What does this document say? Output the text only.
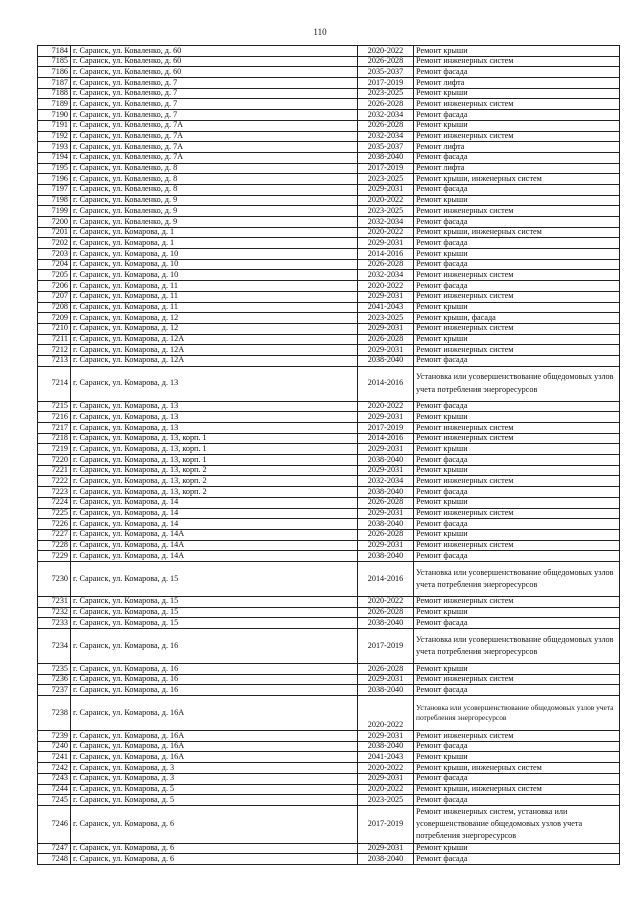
110
7184	г. Саранск, ул. Коваленко, д. 60	2020-2022	Ремонт крыши
7185	г. Саранск, ул. Коваленко, д. 60	2026-2028	Ремонт инженерных систем
7186	г. Саранск, ул. Коваленко, д. 60	2035-2037	Ремонт фасада
7187	г. Саранск, ул. Коваленко, д. 7	2017-2019	Ремонт лифта
7188	г. Саранск, ул. Коваленко, д. 7	2023-2025	Ремонт крыши
7189	г. Саранск, ул. Коваленко, д. 7	2026-2028	Ремонт инженерных систем
7190	г. Саранск, ул. Коваленко, д. 7	2032-2034	Ремонт фасада
7191	г. Саранск, ул. Коваленко, д. 7А	2026-2028	Ремонт крыши
7192	г. Саранск, ул. Коваленко, д. 7А	2032-2034	Ремонт инженерных систем
7193	г. Саранск, ул. Коваленко, д. 7А	2035-2037	Ремонт лифта
7194	г. Саранск, ул. Коваленко, д. 7А	2038-2040	Ремонт фасада
7195	г. Саранск, ул. Коваленко, д. 8	2017-2019	Ремонт лифта
7196	г. Саранск, ул. Коваленко, д. 8	2023-2025	Ремонт крыши, инженерных систем
7197	г. Саранск, ул. Коваленко, д. 8	2029-2031	Ремонт фасада
7198	г. Саранск, ул. Коваленко, д. 9	2020-2022	Ремонт крыши
7199	г. Саранск, ул. Коваленко, д. 9	2023-2025	Ремонт инженерных систем
7200	г. Саранск, ул. Коваленко, д. 9	2032-2034	Ремонт фасада
7201	г. Саранск, ул. Комарова, д. 1	2020-2022	Ремонт крыши, инженерных систем
7202	г. Саранск, ул. Комарова, д. 1	2029-2031	Ремонт фасада
7203	г. Саранск, ул. Комарова, д. 10	2014-2016	Ремонт крыши
7204	г. Саранск, ул. Комарова, д. 10	2026-2028	Ремонт фасада
7205	г. Саранск, ул. Комарова, д. 10	2032-2034	Ремонт инженерных систем
7206	г. Саранск, ул. Комарова, д. 11	2020-2022	Ремонт фасада
7207	г. Саранск, ул. Комарова, д. 11	2029-2031	Ремонт инженерных систем
7208	г. Саранск, ул. Комарова, д. 11	2041-2043	Ремонт крыши
7209	г. Саранск, ул. Комарова, д. 12	2023-2025	Ремонт крыши, фасада
7210	г. Саранск, ул. Комарова, д. 12	2029-2031	Ремонт инженерных систем
7211	г. Саранск, ул. Комарова, д. 12А	2026-2028	Ремонт крыши
7212	г. Саранск, ул. Комарова, д. 12А	2029-2031	Ремонт инженерных систем
7213	г. Саранск, ул. Комарова, д. 12А	2038-2040	Ремонт фасада
7214	г. Саранск, ул. Комарова, д. 13	2014-2016	Установка или усовершенствование общедомовых узлов учета потребления энергоресурсов
7215	г. Саранск, ул. Комарова, д. 13	2020-2022	Ремонт фасада
7216	г. Саранск, ул. Комарова, д. 13	2029-2031	Ремонт крыши
7217	г. Саранск, ул. Комарова, д. 13	2017-2019	Ремонт инженерных систем
7218	г. Саранск, ул. Комарова, д. 13, корп. 1	2014-2016	Ремонт инженерных систем
7219	г. Саранск, ул. Комарова, д. 13, корп. 1	2029-2031	Ремонт крыши
7220	г. Саранск, ул. Комарова, д. 13, корп. 1	2038-2040	Ремонт фасада
7221	г. Саранск, ул. Комарова, д. 13, корп. 2	2029-2031	Ремонт крыши
7222	г. Саранск, ул. Комарова, д. 13, корп. 2	2032-2034	Ремонт инженерных систем
7223	г. Саранск, ул. Комарова, д. 13, корп. 2	2038-2040	Ремонт фасада
7224	г. Саранск, ул. Комарова, д. 14	2026-2028	Ремонт крыши
7225	г. Саранск, ул. Комарова, д. 14	2029-2031	Ремонт инженерных систем
7226	г. Саранск, ул. Комарова, д. 14	2038-2040	Ремонт фасада
7227	г. Саранск, ул. Комарова, д. 14А	2026-2028	Ремонт крыши
7228	г. Саранск, ул. Комарова, д. 14А	2029-2031	Ремонт инженерных систем
7229	г. Саранск, ул. Комарова, д. 14А	2038-2040	Ремонт фасада
7230	г. Саранск, ул. Комарова, д. 15	2014-2016	Установка или усовершенствование общедомовых узлов учета потребления энергоресурсов
7231	г. Саранск, ул. Комарова, д. 15	2020-2022	Ремонт инженерных систем
7232	г. Саранск, ул. Комарова, д. 15	2026-2028	Ремонт крыши
7233	г. Саранск, ул. Комарова, д. 15	2038-2040	Ремонт фасада
7234	г. Саранск, ул. Комарова, д. 16	2017-2019	Установка или усовершенствование общедомовых узлов учета потребления энергоресурсов
7235	г. Саранск, ул. Комарова, д. 16	2026-2028	Ремонт крыши
7236	г. Саранск, ул. Комарова, д. 16	2029-2031	Ремонт инженерных систем
7237	г. Саранск, ул. Комарова, д. 16	2038-2040	Ремонт фасада
7238	г. Саранск, ул. Комарова, д. 16А	2020-2022	Установка или усовершенствование общедомовых узлов учета потребления энергоресурсов
7239	г. Саранск, ул. Комарова, д. 16А	2029-2031	Ремонт инженерных систем
7240	г. Саранск, ул. Комарова, д. 16А	2038-2040	Ремонт фасада
7241	г. Саранск, ул. Комарова, д. 16А	2041-2043	Ремонт крыши
7242	г. Саранск, ул. Комарова, д. 3	2020-2022	Ремонт крыши, инженерных систем
7243	г. Саранск, ул. Комарова, д. 3	2029-2031	Ремонт фасада
7244	г. Саранск, ул. Комарова, д. 5	2020-2022	Ремонт крыши, инженерных систем
7245	г. Саранск, ул. Комарова, д. 5	2023-2025	Ремонт фасада
7246	г. Саранск, ул. Комарова, д. 6	2017-2019	Ремонт инженерных систем, установка или усовершенствование общедомовых узлов учета потребления энергоресурсов
7247	г. Саранск, ул. Комарова, д. 6	2029-2031	Ремонт крыши
7248	г. Саранск, ул. Комарова, д. 6	2038-2040	Ремонт фасада
